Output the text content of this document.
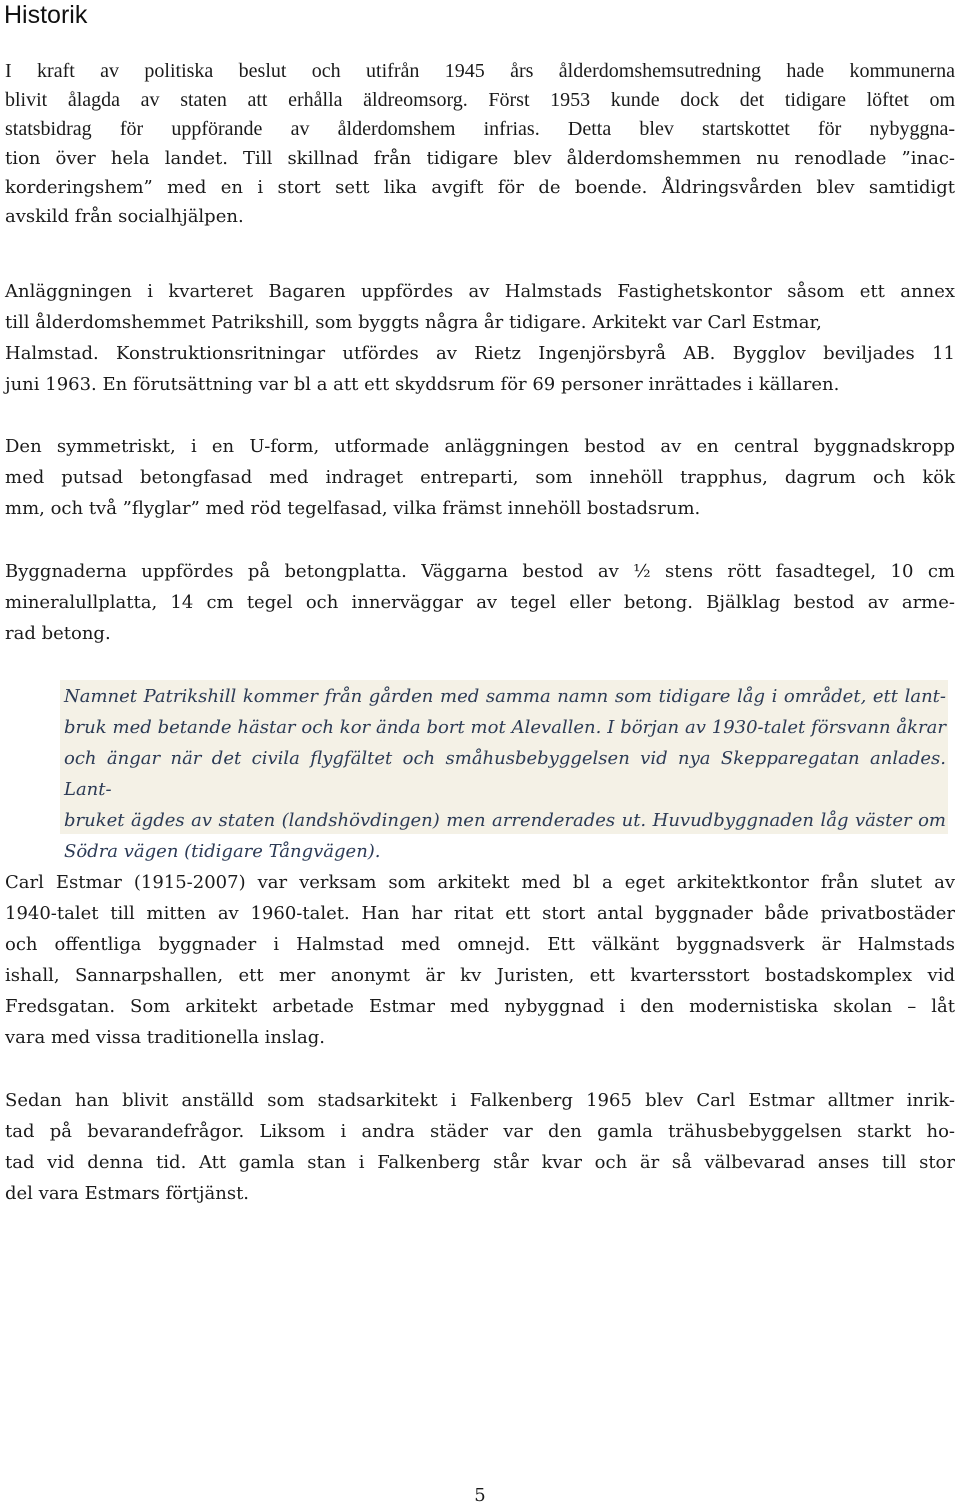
Historik

I kraft av politiska beslut och utifrån 1945 års ålderdomshemsutredning hade kommunerna
blivit ålagda av staten att erhålla äldreomsorg. Först 1953 kunde dock det tidigare löftet om
statsbidrag för uppförande av ålderdomshem infrias. Detta blev startskottet för nybyggna-
tion över hela landet. Till skillnad från tidigare blev ålderdomshemmen nu renodlade ”inac-
korderingshem” med en i stort sett lika avgift för de boende. Åldringsvården blev samtidigt
avskild från socialhjälpen.

Anläggningen i kvarteret Bagaren uppfördes av Halmstads Fastighetskontor såsom ett annex
till ålderdomshemmet Patrikshill, som byggts några år tidigare. Arkitekt var Carl Estmar,
Halmstad. Konstruktionsritningar utfördes av Rietz Ingenjörsbyrå AB. Bygglov beviljades 11
juni 1963. En förutsättning var bl a att ett skyddsrum för 69 personer inrättades i källaren.

Den symmetriskt, i en U-form, utformade anläggningen bestod av en central byggnadskropp
med putsad betongfasad med indraget entreparti, som innehöll trapphus, dagrum och kök
mm, och två ”flyglar” med röd tegelfasad, vilka främst innehöll bostadsrum.

Byggnaderna uppfördes på betongplatta. Väggarna bestod av ½ stens rött fasadtegel, 10 cm
mineralullplatta, 14 cm tegel och innerväggar av tegel eller betong. Bjälklag bestod av arme-
rad betong.

Namnet Patrikshill kommer från gården med samma namn som tidigare låg i området, ett lant-
bruk med betande hästar och kor ända bort mot Alevallen. I början av 1930-talet försvann åkrar
och ängar när det civila flygfältet och småhusbebyggelsen vid nya Skepparegatan anlades. Lant-
bruket ägdes av staten (landshövdingen) men arrenderades ut. Huvudbyggnaden låg väster om
Södra vägen (tidigare Tångvägen).

Carl Estmar (1915-2007) var verksam som arkitekt med bl a eget arkitektkontor från slutet av
1940-talet till mitten av 1960-talet. Han har ritat ett stort antal byggnader både privatbostäder
och offentliga byggnader i Halmstad med omnejd. Ett välkänt byggnadsverk är Halmstads
ishall, Sannarpshallen, ett mer anonymt är kv Juristen, ett kvartersstort bostadskomplex vid
Fredsgatan. Som arkitekt arbetade Estmar med nybyggnad i den modernistiska skolan – låt
vara med vissa traditionella inslag.

Sedan han blivit anställd som stadsarkitekt i Falkenberg 1965 blev Carl Estmar alltmer inrik-
tad på bevarandefrågor. Liksom i andra städer var den gamla trähusbebyggelsen starkt ho-
tad vid denna tid. Att gamla stan i Falkenberg står kvar och är så välbevarad anses till stor
del vara Estmars förtjänst.

5
